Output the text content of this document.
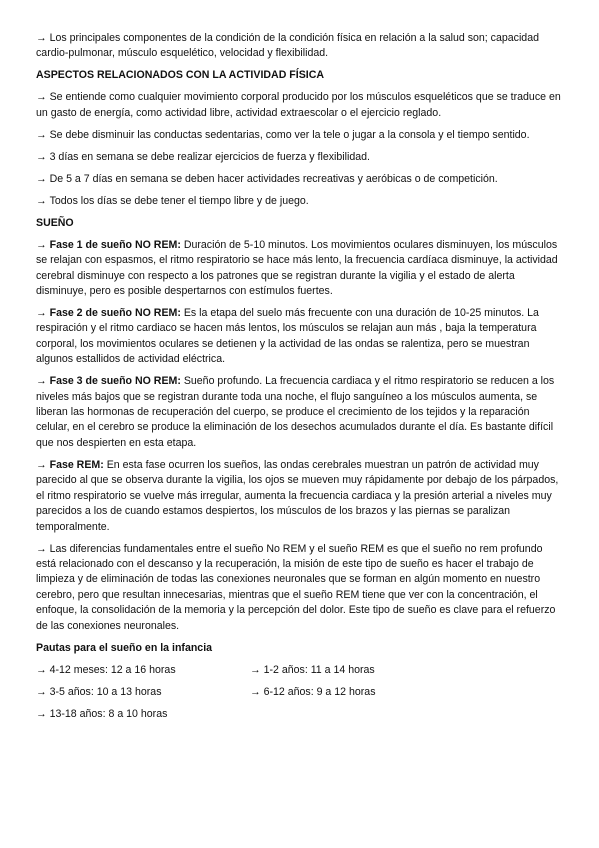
→ Los principales componentes de la condición de la condición física en relación a la salud son; capacidad cardio-pulmonar, músculo esquelético, velocidad y flexibilidad.

ASPECTOS RELACIONADOS CON LA ACTIVIDAD FÍSICA

→ Se entiende como cualquier movimiento corporal producido por los músculos esqueléticos que se traduce en un gasto de energía, como actividad libre, actividad extraescolar o el ejercicio reglado.

→ Se debe disminuir las conductas sedentarias, como ver la tele o jugar a la consola y el tiempo sentido.

→ 3 días en semana se debe realizar ejercicios de fuerza y flexibilidad.

→ De 5 a 7 días en semana se deben hacer actividades recreativas y aeróbicas o de competición.

→ Todos los días se debe tener el tiempo libre y de juego.

SUEÑO

→ Fase 1 de sueño NO REM: Duración de 5-10 minutos. Los movimientos oculares disminuyen, los músculos se relajan con espasmos, el ritmo respiratorio se hace más lento, la frecuencia cardíaca disminuye, la actividad cerebral disminuye con respecto a los patrones que se registran durante la vigilia y el estado de alerta disminuye, pero es posible despertarnos con estímulos fuertes.

→ Fase 2 de sueño NO REM: Es la etapa del suelo más frecuente con una duración de 10-25 minutos. La respiración y el ritmo cardiaco se hacen más lentos, los músculos se relajan aun más , baja la temperatura corporal, los movimientos oculares se detienen y la actividad de las ondas se ralentiza, pero se muestran algunos estallidos de actividad eléctrica.

→ Fase 3 de sueño NO REM: Sueño profundo. La frecuencia cardiaca y el ritmo respiratorio se reducen a los niveles más bajos que se registran durante toda una noche, el flujo sanguíneo a los músculos aumenta, se liberan las hormonas de recuperación del cuerpo, se produce el crecimiento de los tejidos y la reparación celular, en el cerebro se produce la eliminación de los desechos acumulados durante el día. Es bastante difícil que nos despierten en esta etapa.

→ Fase REM: En esta fase ocurren los sueños, las ondas cerebrales muestran un patrón de actividad muy parecido al que se observa durante la vigilia, los ojos se mueven muy rápidamente por debajo de los párpados, el ritmo respiratorio se vuelve más irregular, aumenta la frecuencia cardiaca y la presión arterial a niveles muy parecidos a los de cuando estamos despiertos, los músculos de los brazos y las piernas se paralizan temporalmente.

→ Las diferencias fundamentales entre el sueño No REM y el sueño REM es que el sueño no rem profundo está relacionado con el descanso y la recuperación, la misión de este tipo de sueño es hacer el trabajo de limpieza y de eliminación de todas las conexiones neuronales que se forman en algún momento en nuestro cerebro, pero que resultan innecesarias, mientras que el sueño REM tiene que ver con la concentración, el enfoque, la consolidación de la memoria y la percepción del dolor. Este tipo de sueño es clave para el refuerzo de las conexiones neuronales.

Pautas para el sueño en la infancia

→ 4-12 meses: 12 a 16 horas	→ 1-2 años: 11 a 14 horas
→ 3-5 años: 10 a 13 horas	→ 6-12 años: 9 a 12 horas
→ 13-18 años: 8 a 10 horas
